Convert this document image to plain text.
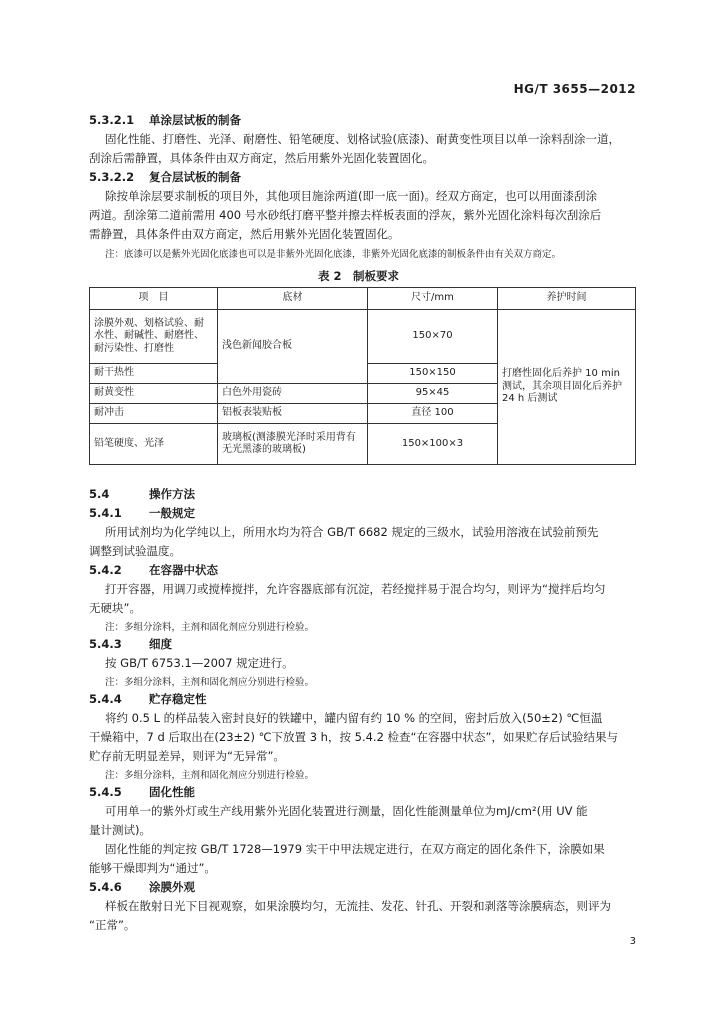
HG/T 3655—2012
5.3.2.1 单涂层试板的制备
固化性能、打磨性、光泽、耐磨性、铅笔硬度、划格试验(底漆)、耐黄变性项目以单一涂料刮涂一道，
刮涂后需静置，具体条件由双方商定，然后用紫外光固化装置固化。
5.3.2.2 复合层试板的制备
除按单涂层要求制板的项目外，其他项目施涂两道(即一底一面)。经双方商定，也可以用面漆刮涂
两道。刮涂第二道前需用 400 号水砂纸打磨平整并擦去样板表面的浮灰，紫外光固化涂料每次刮涂后
需静置，具体条件由双方商定，然后用紫外光固化装置固化。
注：底漆可以是紫外光固化底漆也可以是非紫外光固化底漆，非紫外光固化底漆的制板条件由有关双方商定。
表 2　制板要求
项　目	底材	尺寸/mm	养护时间
涂膜外观、划格试验、耐水性、耐碱性、耐磨性、耐污染性、打磨性	浅色新闻胶合板	150×70	打磨性固化后养护 10 min 测试，其余项目固化后养护 24 h 后测试
耐干热性		150×150	
耐黄变性	白色外用瓷砖	95×45	
耐冲击	铝板表装贴板	直径 100	
铅笔硬度、光泽	玻璃板(测漆膜光泽时采用背有无光黑漆的玻璃板)	150×100×3	
5.4	操作方法
5.4.1 一般规定
所用试剂均为化学纯以上，所用水均为符合 GB/T 6682 规定的三级水，试验用溶液在试验前预先
调整到试验温度。
5.4.2 在容器中状态
打开容器，用调刀或搅棒搅拌，允许容器底部有沉淀，若经搅拌易于混合均匀，则评为“搅拌后均匀
无硬块”。
注：多组分涂料，主剂和固化剂应分别进行检验。
5.4.3 细度
按 GB/T 6753.1—2007 规定进行。
注：多组分涂料，主剂和固化剂应分别进行检验。
5.4.4 贮存稳定性
将约 0.5 L 的样品装入密封良好的铁罐中，罐内留有约 10 % 的空间，密封后放入(50±2) ℃恒温
干燥箱中，7 d 后取出在(23±2) ℃下放置 3 h，按 5.4.2 检查“在容器中状态”，如果贮存后试验结果与
贮存前无明显差异，则评为“无异常”。
注：多组分涂料，主剂和固化剂应分别进行检验。
5.4.5 固化性能
可用单一的紫外灯或生产线用紫外光固化装置进行测量，固化性能测量单位为mJ/cm²(用 UV 能
量计测试)。
固化性能的判定按 GB/T 1728—1979 实干中甲法规定进行，在双方商定的固化条件下，涂膜如果
能够干燥即判为“通过”。
5.4.6 涂膜外观
样板在散射日光下目视观察，如果涂膜均匀，无流挂、发花、针孔、开裂和剥落等涂膜病态，则评为
“正常”。
3
